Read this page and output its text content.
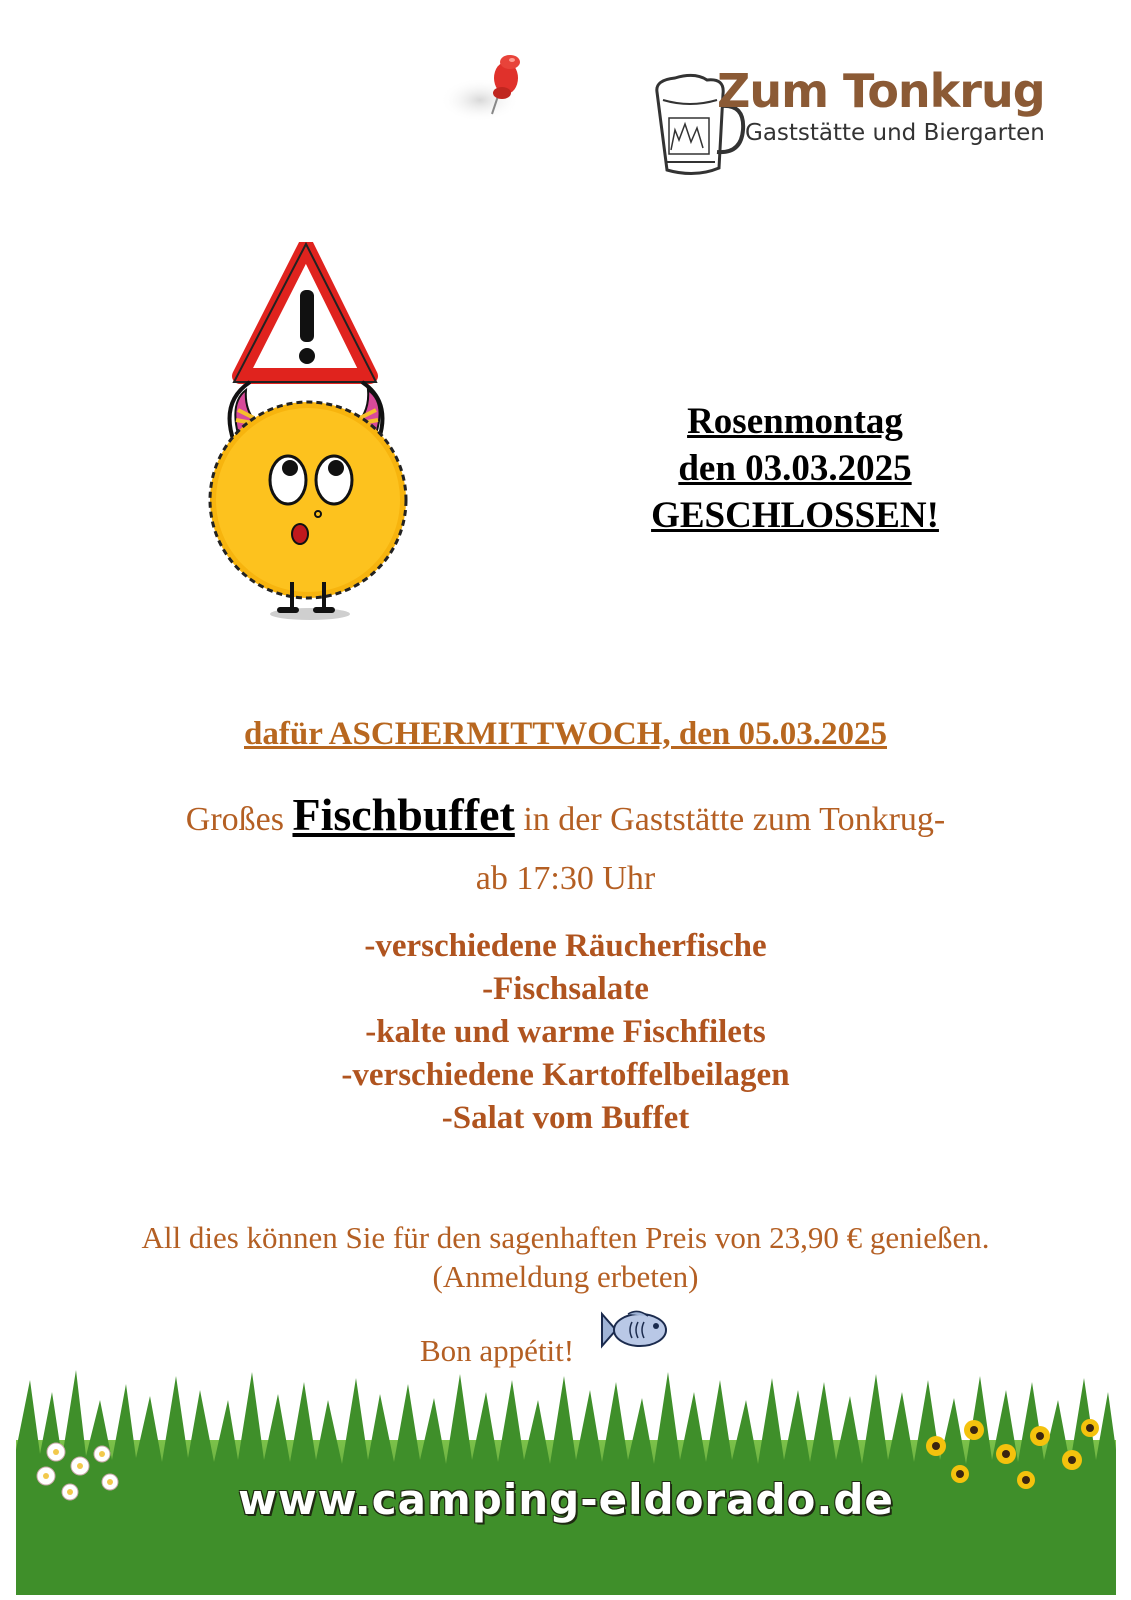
Zum Tonkrug
Gaststätte und Biergarten
Rosenmontag
den 03.03.2025
GESCHLOSSEN!
dafür ASCHERMITTWOCH, den 05.03.2025
Großes Fischbuffet in der Gaststätte zum Tonkrug-
ab 17:30 Uhr
-verschiedene Räucherfische
-Fischsalate
-kalte und warme Fischfilets
-verschiedene Kartoffelbeilagen
-Salat vom Buffet
All dies können Sie für den sagenhaften Preis von 23,90 € genießen.
(Anmeldung erbeten)
Bon appétit!
www.camping-eldorado.de
